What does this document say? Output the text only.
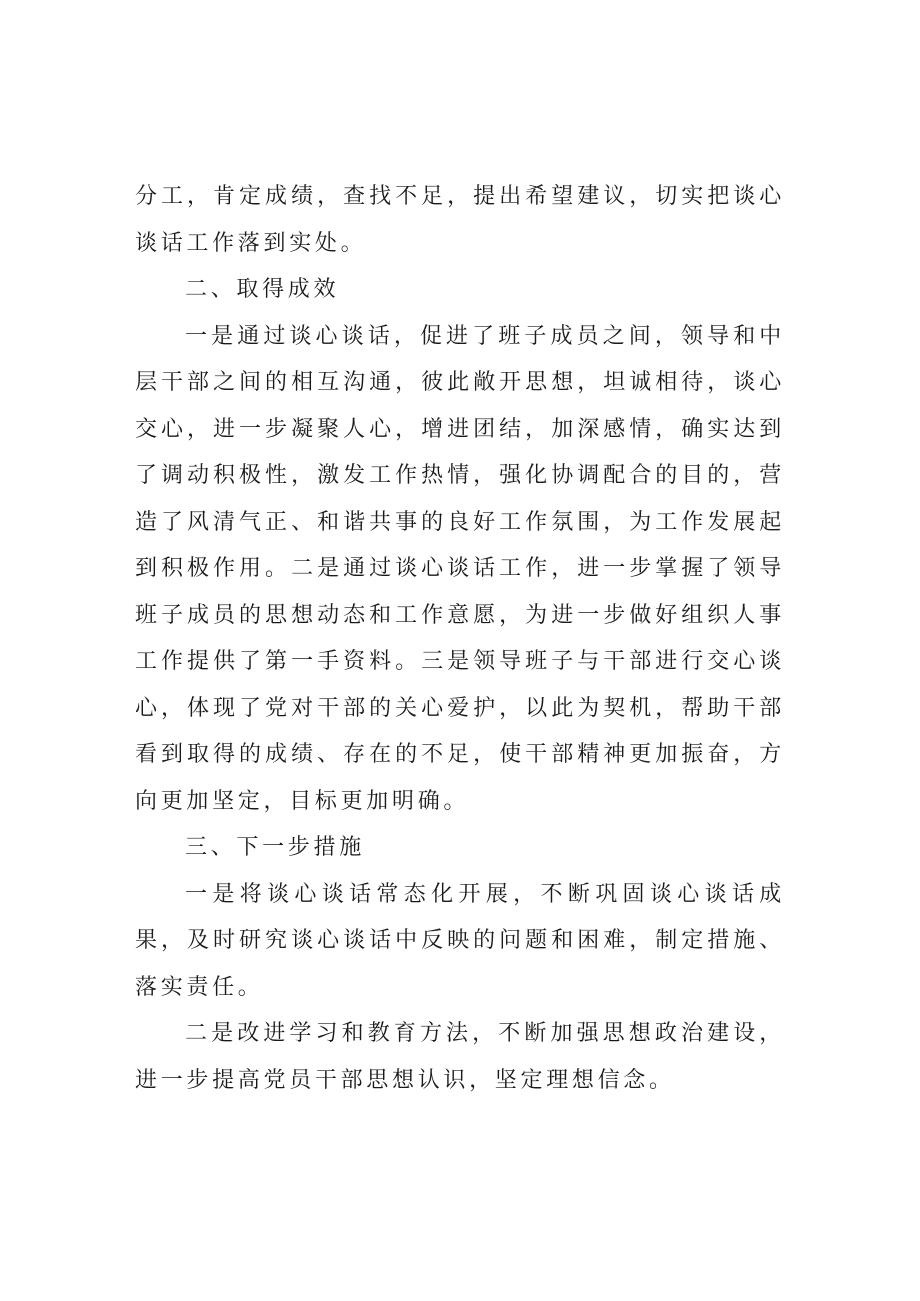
分工，肯定成绩，查找不足，提出希望建议，切实把谈心谈话工作落到实处。

二、取得成效

一是通过谈心谈话，促进了班子成员之间，领导和中层干部之间的相互沟通，彼此敞开思想，坦诚相待，谈心交心，进一步凝聚人心，增进团结，加深感情，确实达到了调动积极性，激发工作热情，强化协调配合的目的，营造了风清气正、和谐共事的良好工作氛围，为工作发展起到积极作用。二是通过谈心谈话工作，进一步掌握了领导班子成员的思想动态和工作意愿，为进一步做好组织人事工作提供了第一手资料。三是领导班子与干部进行交心谈心，体现了党对干部的关心爱护，以此为契机，帮助干部看到取得的成绩、存在的不足，使干部精神更加振奋，方向更加坚定，目标更加明确。

三、下一步措施

一是将谈心谈话常态化开展，不断巩固谈心谈话成果，及时研究谈心谈话中反映的问题和困难，制定措施、落实责任。

二是改进学习和教育方法，不断加强思想政治建设，进一步提高党员干部思想认识，坚定理想信念。
